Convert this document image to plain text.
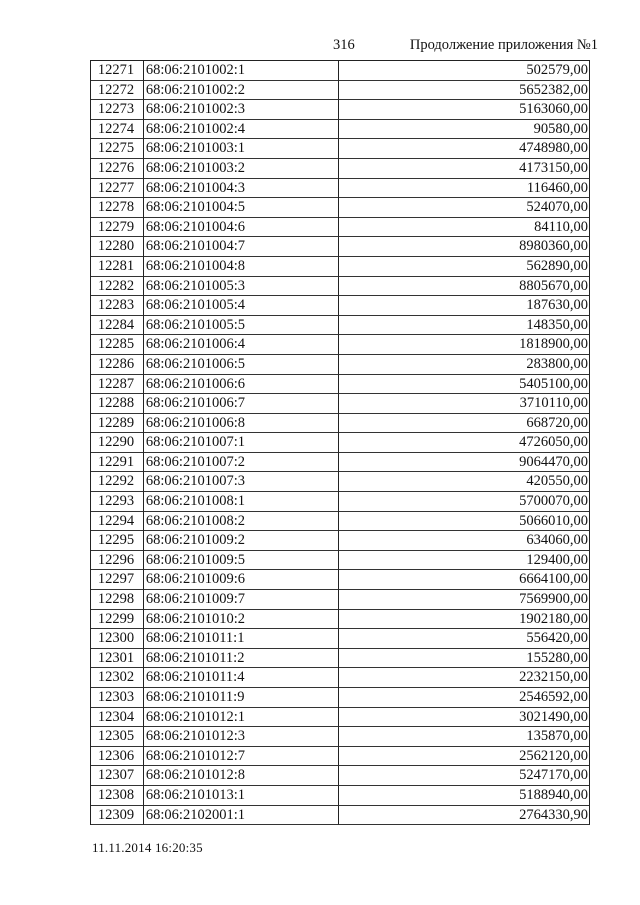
316	Продолжение приложения №1
12271 68:06:2101002:1	502579,00
12272 68:06:2101002:2	5652382,00
12273 68:06:2101002:3	5163060,00
12274 68:06:2101002:4	90580,00
12275 68:06:2101003:1	4748980,00
12276 68:06:2101003:2	4173150,00
12277 68:06:2101004:3	116460,00
12278 68:06:2101004:5	524070,00
12279 68:06:2101004:6	84110,00
12280 68:06:2101004:7	8980360,00
12281 68:06:2101004:8	562890,00
12282 68:06:2101005:3	8805670,00
12283 68:06:2101005:4	187630,00
12284 68:06:2101005:5	148350,00
12285 68:06:2101006:4	1818900,00
12286 68:06:2101006:5	283800,00
12287 68:06:2101006:6	5405100,00
12288 68:06:2101006:7	3710110,00
12289 68:06:2101006:8	668720,00
12290 68:06:2101007:1	4726050,00
12291 68:06:2101007:2	9064470,00
12292 68:06:2101007:3	420550,00
12293 68:06:2101008:1	5700070,00
12294 68:06:2101008:2	5066010,00
12295 68:06:2101009:2	634060,00
12296 68:06:2101009:5	129400,00
12297 68:06:2101009:6	6664100,00
12298 68:06:2101009:7	7569900,00
12299 68:06:2101010:2	1902180,00
12300 68:06:2101011:1	556420,00
12301 68:06:2101011:2	155280,00
12302 68:06:2101011:4	2232150,00
12303 68:06:2101011:9	2546592,00
12304 68:06:2101012:1	3021490,00
12305 68:06:2101012:3	135870,00
12306 68:06:2101012:7	2562120,00
12307 68:06:2101012:8	5247170,00
12308 68:06:2101013:1	5188940,00
12309 68:06:2102001:1	2764330,90
11.11.2014 16:20:35
